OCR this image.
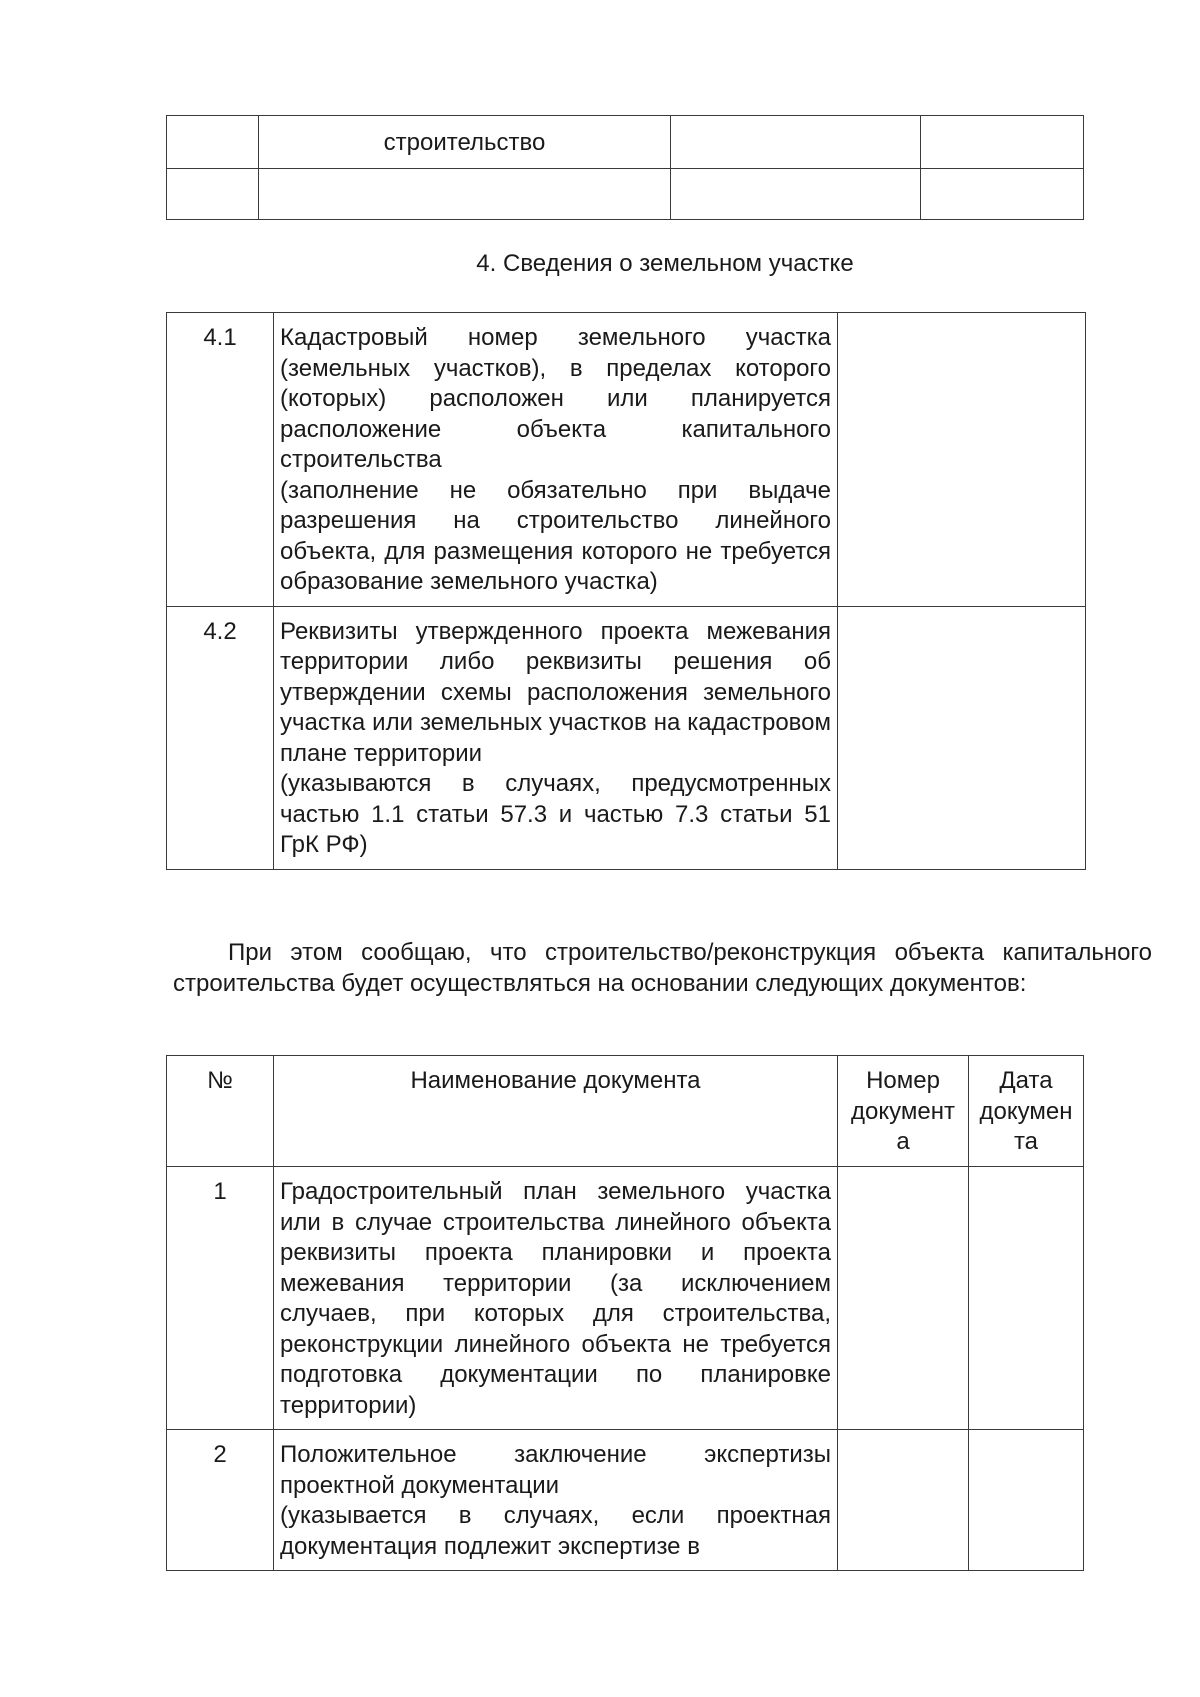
	строительство		

4. Сведения о земельном участке
4.1	Кадастровый номер земельного участка (земельных участков), в пределах которого (которых) расположен или планируется расположение объекта капитального строительства
(заполнение не обязательно при выдаче разрешения на строительство линейного объекта, для размещения которого не требуется образование земельного участка)	

4.2	Реквизиты утвержденного проекта межевания территории либо реквизиты решения об утверждении схемы расположения земельного участка или земельных участков на кадастровом плане территории
(указываются в случаях, предусмотренных частью 1.1 статьи 57.3 и частью 7.3 статьи 51 ГрК РФ)	

При этом сообщаю, что строительство/реконструкция объекта капитального строительства будет осуществляться на основании следующих документов:

№	Наименование документа	Номер документ а	Дата докумен та
1	Градостроительный план земельного участка или в случае строительства линейного объекта реквизиты проекта планировки и проекта межевания территории (за исключением случаев, при которых для строительства, реконструкции линейного объекта не требуется подготовка документации по планировке территории)		

2	Положительное заключение экспертизы проектной документации
(указывается в случаях, если проектная документация подлежит экспертизе в		
